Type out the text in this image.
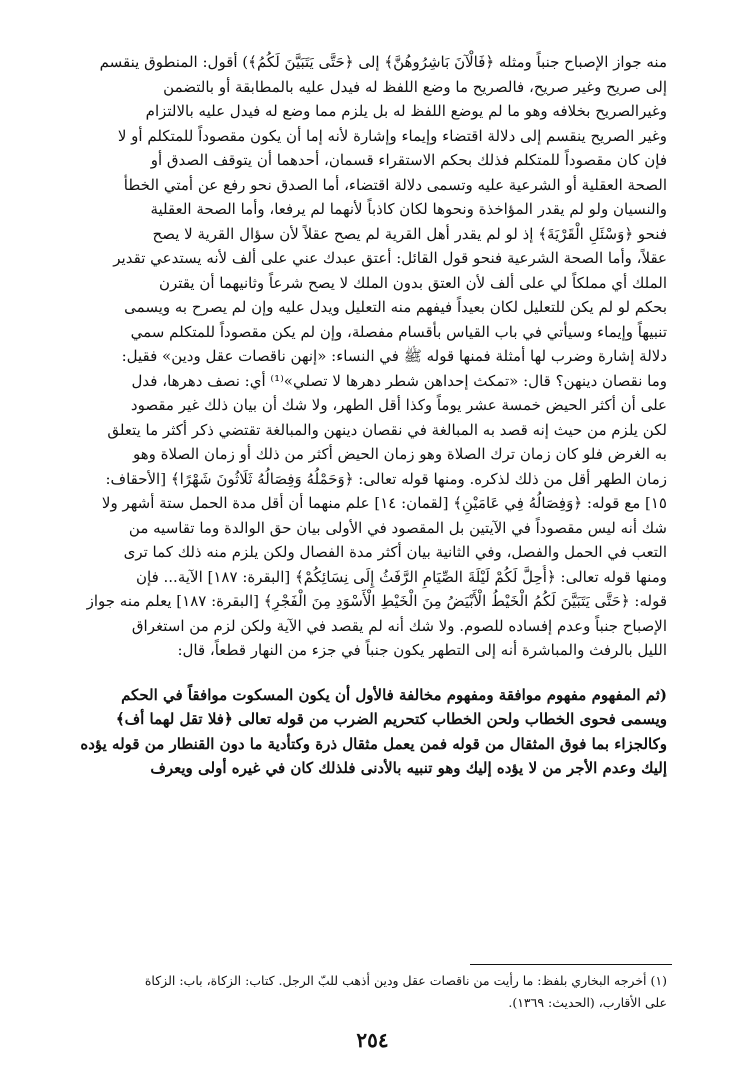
منه جواز الإصباح جنباً ومثله ﴿فَالْآنَ بَاشِرُوهُنَّ﴾ إلى ﴿حَتَّى يَتَبَيَّنَ لَكُمُ﴾) أقول: المنطوق ينقسم
إلى صريح وغير صريح، فالصريح ما وضع اللفظ له فيدل عليه بالمطابقة أو بالتضمن
وغيرالصريح بخلافه وهو ما لم يوضع اللفظ له بل يلزم مما وضع له فيدل عليه بالالتزام
وغير الصريح ينقسم إلى دلالة اقتضاء وإيماء وإشارة لأنه إما أن يكون مقصوداً للمتكلم أو لا
فإن كان مقصوداً للمتكلم فذلك بحكم الاستقراء قسمان، أحدهما أن يتوقف الصدق أو
الصحة العقلية أو الشرعية عليه وتسمى دلالة اقتضاء، أما الصدق نحو رفع عن أمتي الخطأ
والنسيان ولو لم يقدر المؤاخذة ونحوها لكان كاذباً لأنهما لم يرفعا، وأما الصحة العقلية
فنحو ﴿وَسْئَلِ الْقَرْيَةَ﴾ إذ لو لم يقدر أهل القرية لم يصح عقلاً لأن سؤال القرية لا يصح
عقلاً، وأما الصحة الشرعية فنحو قول القائل: أعتق عبدك عني على ألف لأنه يستدعي تقدير
الملك أي مملكاً لي على ألف لأن العتق بدون الملك لا يصح شرعاً وثانيهما أن يقترن
بحكم لو لم يكن للتعليل لكان بعيداً فيفهم منه التعليل ويدل عليه وإن لم يصرح به ويسمى
تنبيهاً وإيماء وسيأتي في باب القياس بأقسام مفصلة، وإن لم يكن مقصوداً للمتكلم سمي
دلالة إشارة وضرب لها أمثلة فمنها قوله ﷺ في النساء: «إنهن ناقصات عقل ودين» فقيل:
وما نقصان دينهن؟ قال: «تمكث إحداهن شطر دهرها لا تصلي»⁽¹⁾ أي: نصف دهرها، فدل
على أن أكثر الحيض خمسة عشر يوماً وكذا أقل الطهر، ولا شك أن بيان ذلك غير مقصود
لكن يلزم من حيث إنه قصد به المبالغة في نقصان دينهن والمبالغة تقتضي ذكر أكثر ما يتعلق
به الغرض فلو كان زمان ترك الصلاة وهو زمان الحيض أكثر من ذلك أو زمان الصلاة وهو
زمان الطهر أقل من ذلك لذكره. ومنها قوله تعالى: ﴿وَحَمْلُهُ وَفِصَالُهُ ثَلَاثُونَ شَهْرًا﴾ [الأحقاف:
١٥] مع قوله: ﴿وَفِصَالُهُ فِي عَامَيْنِ﴾ [لقمان: ١٤] علم منهما أن أقل مدة الحمل ستة أشهر ولا
شك أنه ليس مقصوداً في الآيتين بل المقصود في الأولى بيان حق الوالدة وما تقاسيه من
التعب في الحمل والفصل، وفي الثانية بيان أكثر مدة الفصال ولكن يلزم منه ذلك كما ترى
ومنها قوله تعالى: ﴿أُحِلَّ لَكُمْ لَيْلَةَ الصِّيَامِ الرَّفَثُ إِلَى نِسَائِكُمْ﴾ [البقرة: ١٨٧] الآية... فإن
قوله: ﴿حَتَّى يَتَبَيَّنَ لَكُمُ الْخَيْطُ الْأَبْيَضُ مِنَ الْخَيْطِ الْأَسْوَدِ مِنَ الْفَجْرِ﴾ [البقرة: ١٨٧] يعلم منه جواز
الإصباح جنباً وعدم إفساده للصوم. ولا شك أنه لم يقصد في الآية ولكن لزم من استغراق
الليل بالرفث والمباشرة أنه إلى التطهر يكون جنباً في جزء من النهار قطعاً، قال:
(ثم المفهوم مفهوم موافقة ومفهوم مخالفة فالأول أن يكون المسكوت موافقاً في الحكم
ويسمى فحوى الخطاب ولحن الخطاب كتحريم الضرب من قوله تعالى ﴿فلا تقل لهما أف﴾
وكالجزاء بما فوق المثقال من قوله فمن يعمل مثقال ذرة وكتأدية ما دون القنطار من قوله يؤده
إليك وعدم الأجر من لا يؤده إليك وهو تنبيه بالأدنى فلذلك كان في غيره أولى ويعرف
(١) أخرجه البخاري بلفظ: ما رأيت من ناقصات عقل ودين أذهب للبّ الرجل. كتاب: الزكاة، باب: الزكاة
على الأقارب، (الحديث: ١٣٦٩).
٢٥٤
